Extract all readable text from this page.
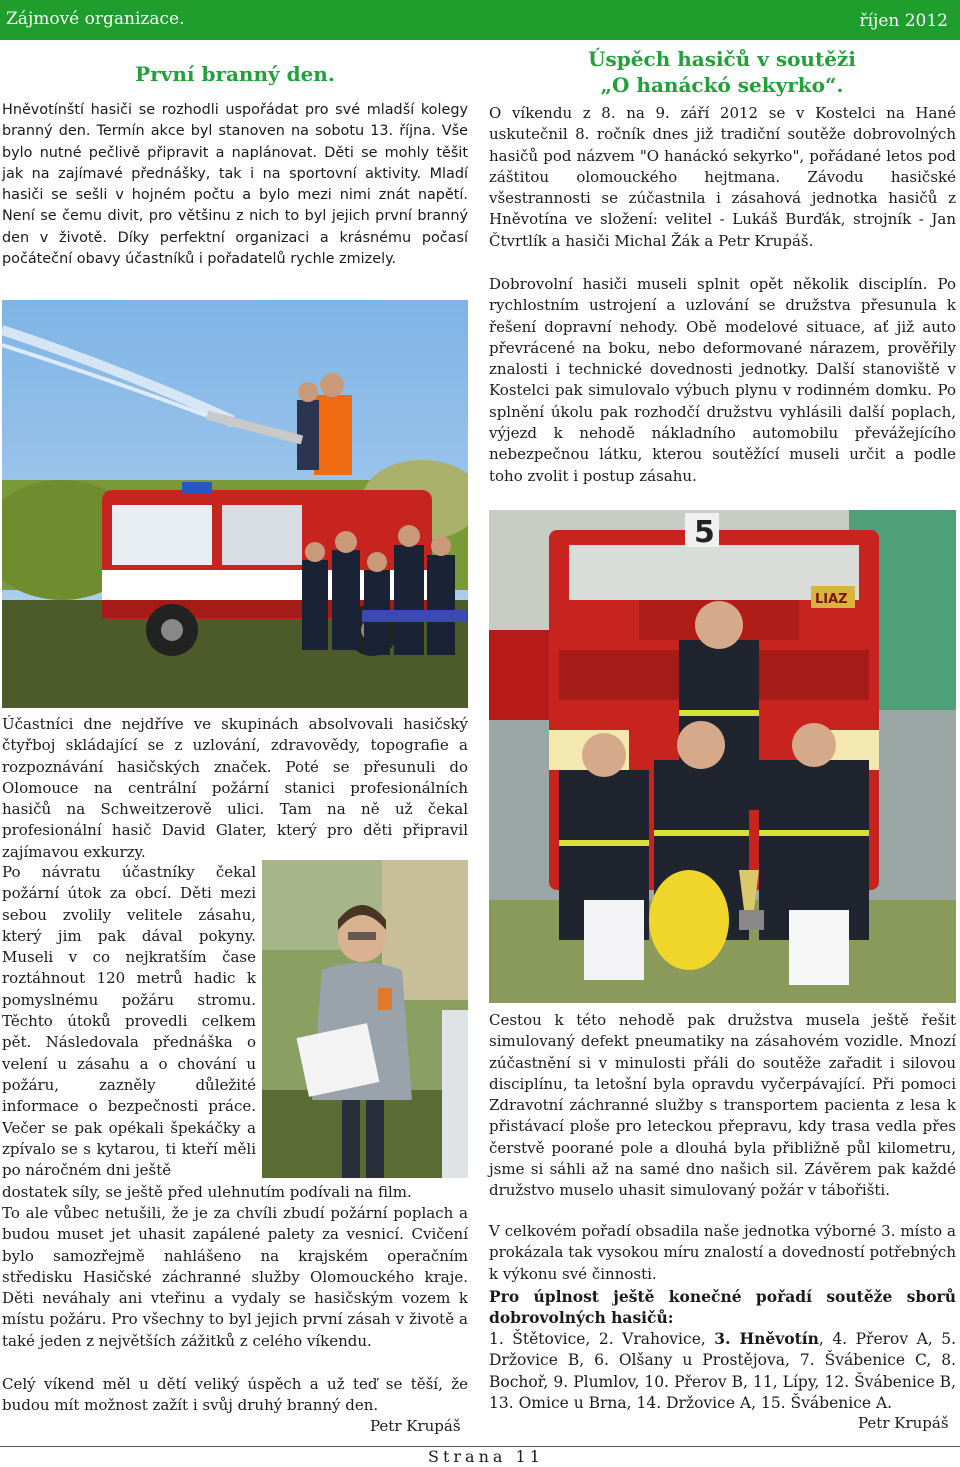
Zájmové organizace.	říjen 2012
První branný den.

Hněvotínští hasiči se rozhodli uspořádat pro své mladší kolegy branný den. Termín akce byl stanoven na sobotu 13. října. Vše bylo nutné pečlivě připravit a naplánovat. Děti se mohly těšit jak na zajímavé přednášky, tak i na sportovní aktivity. Mladí hasiči se sešli v hojném počtu a bylo mezi nimi znát napětí. Není se čemu divit, pro většinu z nich to byl jejich první branný den v životě. Díky perfektní organizaci a krásnému počasí počáteční obavy účastníků i pořadatelů rychle zmizely.

Účastníci dne nejdříve ve skupinách absolvovali hasičský čtyřboj skládající se z uzlování, zdravovědy, topografie a rozpoznávání hasičských značek. Poté se přesunuli do Olomouce na centrální požární stanici profesionálních hasičů na Schweitzerově ulici. Tam na ně už čekal profesionální hasič David Glater, který pro děti připravil zajímavou exkurzy.

Po návratu účastníky čekal požární útok za obcí. Děti mezi sebou zvolily velitele zásahu, který jim pak dával pokyny. Museli v co nejkratším čase roztáhnout 120 metrů hadic k pomyslnému požáru stromu. Těchto útoků provedli celkem pět. Následovala přednáška o velení u zásahu a o chování u požáru, zazněly důležité informace o bezpečnosti práce. Večer se pak opékali špekáčky a zpívalo se s kytarou, ti kteří měli po náročném dni ještě

dostatek síly, se ještě před ulehnutím podívali na film.

To ale vůbec netušili, že je za chvíli zbudí požární poplach a budou muset jet uhasit zapálené palety za vesnicí. Cvičení bylo samozřejmě nahlášeno na krajském operačním středisku Hasičské záchranné služby Olomouckého kraje. Děti neváhaly ani vteřinu a vydaly se hasičským vozem k místu požáru. Pro všechny to byl jejich první zásah v životě a také jeden z největších zážitků z celého víkendu.

Celý víkend měl u dětí veliký úspěch a už teď se těší, že budou mít možnost zažít i svůj druhý branný den.

Petr Krupáš
Úspěch hasičů v soutěži
„O hanáckó sekyrko“.

O víkendu z 8. na 9. září 2012 se v Kostelci na Hané uskutečnil 8. ročník dnes již tradiční soutěže dobrovolných hasičů pod názvem "O hanáckó sekyrko", pořádané letos pod záštitou olomouckého hejtmana. Závodu hasičské všestrannosti se zúčastnila i zásahová jednotka hasičů z Hněvotína ve složení: velitel - Lukáš Burďák, strojník - Jan Čtvrtlík a hasiči Michal Žák a Petr Krupáš.

Dobrovolní hasiči museli splnit opět několik disciplín. Po rychlostním ustrojení a uzlování se družstva přesunula k řešení dopravní nehody. Obě modelové situace, ať již auto převrácené na boku, nebo deformované nárazem, prověřily znalosti i technické dovednosti jednotky. Další stanoviště v Kostelci pak simulovalo výbuch plynu v rodinném domku. Po splnění úkolu pak rozhodčí družstvu vyhlásili další poplach, výjezd k nehodě nákladního automobilu převážejícího nebezpečnou látku, kterou soutěžící museli určit a podle toho zvolit i postup zásahu.

5
LIAZ

Cestou k této nehodě pak družstva musela ještě řešit simulovaný defekt pneumatiky na zásahovém vozidle. Mnozí zúčastnění si v minulosti přáli do soutěže zařadit i silovou disciplínu, ta letošní byla opravdu vyčerpávající. Při pomoci Zdravotní záchranné služby s transportem pacienta z lesa k přistávací ploše pro leteckou přepravu, kdy trasa vedla přes čerstvě poorané pole a dlouhá byla přibližně půl kilometru, jsme si sáhli až na samé dno našich sil. Závěrem pak každé družstvo muselo uhasit simulovaný požár v tábořišti.

V celkovém pořadí obsadila naše jednotka výborné 3. místo a prokázala tak vysokou míru znalostí a dovedností potřebných k výkonu své činnosti.

Pro úplnost ještě konečné pořadí soutěže sborů dobrovolných hasičů:

1. Štětovice, 2. Vrahovice, 3. Hněvotín, 4. Přerov A, 5. Držovice B, 6. Olšany u Prostějova, 7. Švábenice C, 8. Bochoř, 9. Plumlov, 10. Přerov B, 11, Lípy, 12. Švábenice B, 13. Omice u Brna, 14. Držovice A, 15. Švábenice A.

Petr Krupáš
Strana 11
